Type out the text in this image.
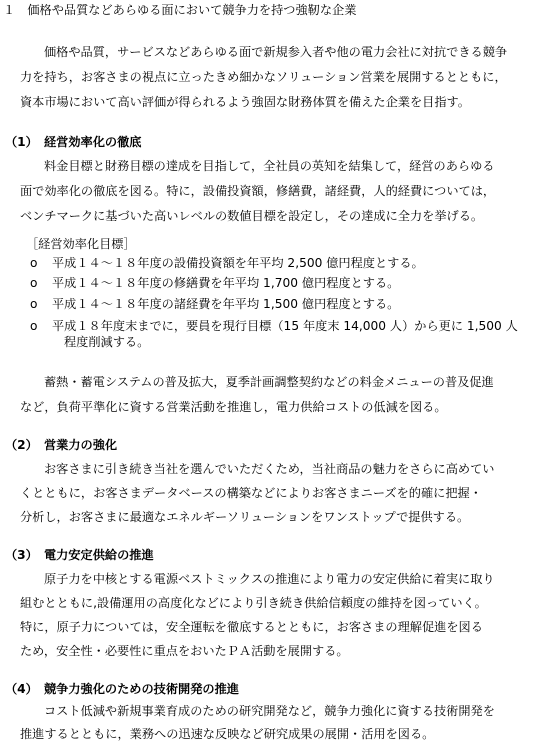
１　価格や品質などあらゆる面において競争力を持つ強靭な企業
価格や品質，サービスなどあらゆる面で新規参入者や他の電力会社に対抗できる競争
力を持ち，お客さまの視点に立ったきめ細かなソリューション営業を展開するとともに，
資本市場において高い評価が得られるよう強固な財務体質を備えた企業を目指す。
（1）　経営効率化の徹底
料金目標と財務目標の達成を目指して，全社員の英知を結集して，経営のあらゆる
面で効率化の徹底を図る。特に，設備投資額，修繕費，諸経費，人的経費については，
ベンチマークに基づいた高いレベルの数値目標を設定し，その達成に全力を挙げる。
［経営効率化目標］
o 平成１４～１８年度の設備投資額を年平均 2,500 億円程度とする。
o 平成１４～１８年度の修繕費を年平均 1,700 億円程度とする。
o 平成１４～１８年度の諸経費を年平均 1,500 億円程度とする。
o 平成１８年度末までに，要員を現行目標（15 年度末 14,000 人）から更に 1,500 人
程度削減する。
蓄熱・蓄電システムの普及拡大，夏季計画調整契約などの料金メニューの普及促進
など，負荷平準化に資する営業活動を推進し，電力供給コストの低減を図る。
（2）　営業力の強化
お客さまに引き続き当社を選んでいただくため，当社商品の魅力をさらに高めてい
くとともに，お客さまデータベースの構築などによりお客さまニーズを的確に把握・
分析し，お客さまに最適なエネルギーソリューションをワンストップで提供する。
（3）　電力安定供給の推進
原子力を中核とする電源ベストミックスの推進により電力の安定供給に着実に取り
組むとともに,設備運用の高度化などにより引き続き供給信頼度の維持を図っていく。
特に，原子力については，安全運転を徹底するとともに，お客さまの理解促進を図る
ため，安全性・必要性に重点をおいたＰＡ活動を展開する。
（4）　競争力強化のための技術開発の推進
コスト低減や新規事業育成のための研究開発など，競争力強化に資する技術開発を
推進するとともに，業務への迅速な反映など研究成果の展開・活用を図る。
